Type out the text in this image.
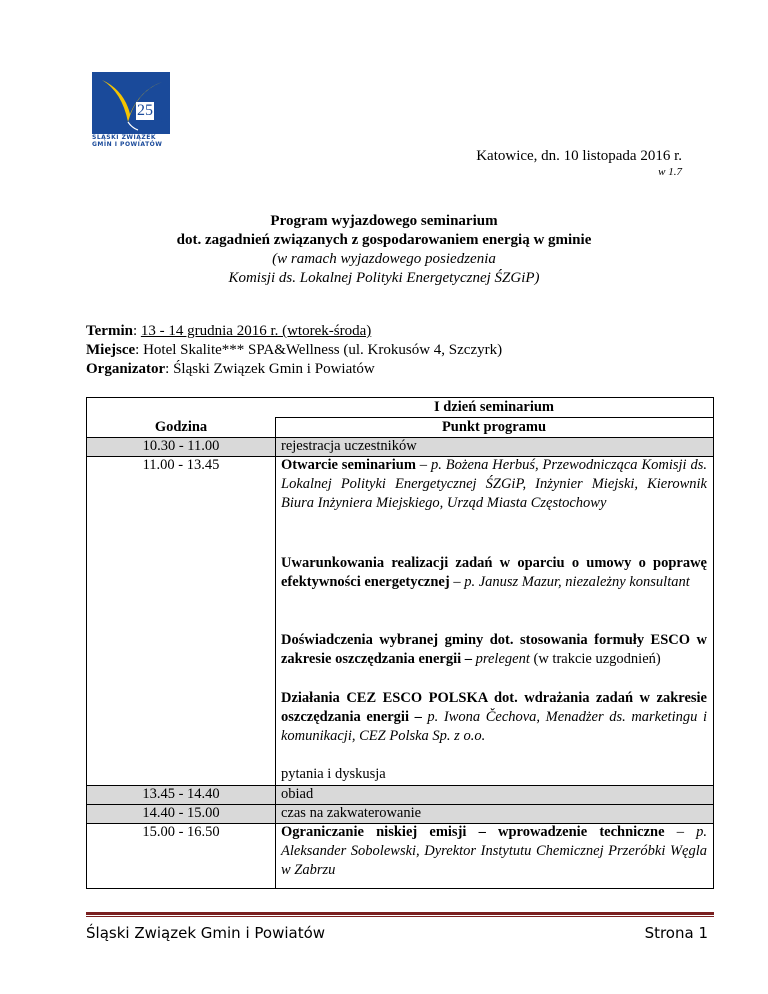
25 lat
ŚLĄSKI ZWIĄZEK
GMIN I POWIATÓW
Katowice, dn. 10 listopada 2016 r.
w 1.7
Program wyjazdowego seminarium
dot. zagadnień związanych z gospodarowaniem energią w gminie
(w ramach wyjazdowego posiedzenia
Komisji ds. Lokalnej Polityki Energetycznej ŚZGiP)
Termin: 13 - 14 grudnia 2016 r. (wtorek-środa)
Miejsce: Hotel Skalite*** SPA&Wellness (ul. Krokusów 4, Szczyrk)
Organizator: Śląski Związek Gmin i Powiatów
I dzień seminarium
Godzina	Punkt programu
10.30 - 11.00	rejestracja uczestników
11.00 - 13.45	Otwarcie seminarium – p. Bożena Herbuś, Przewodnicząca Komisji ds. Lokalnej Polityki Energetycznej ŚZGiP, Inżynier Miejski, Kierownik Biura Inżyniera Miejskiego, Urząd Miasta Częstochowy
Uwarunkowania realizacji zadań w oparciu o umowy o poprawę efektywności energetycznej – p. Janusz Mazur, niezależny konsultant
Doświadczenia wybranej gminy dot. stosowania formuły ESCO w zakresie oszczędzania energii – prelegent (w trakcie uzgodnień)
Działania CEZ ESCO POLSKA dot. wdrażania zadań w zakresie oszczędzania energii – p. Iwona Čechova, Menadżer ds. marketingu i komunikacji, CEZ Polska Sp. z o.o.
pytania i dyskusja
13.45 - 14.40	obiad
14.40 - 15.00	czas na zakwaterowanie
15.00 - 16.50	Ograniczanie niskiej emisji – wprowadzenie techniczne – p. Aleksander Sobolewski, Dyrektor Instytutu Chemicznej Przeróbki Węgla w Zabrzu
Śląski Związek Gmin i Powiatów	Strona 1
